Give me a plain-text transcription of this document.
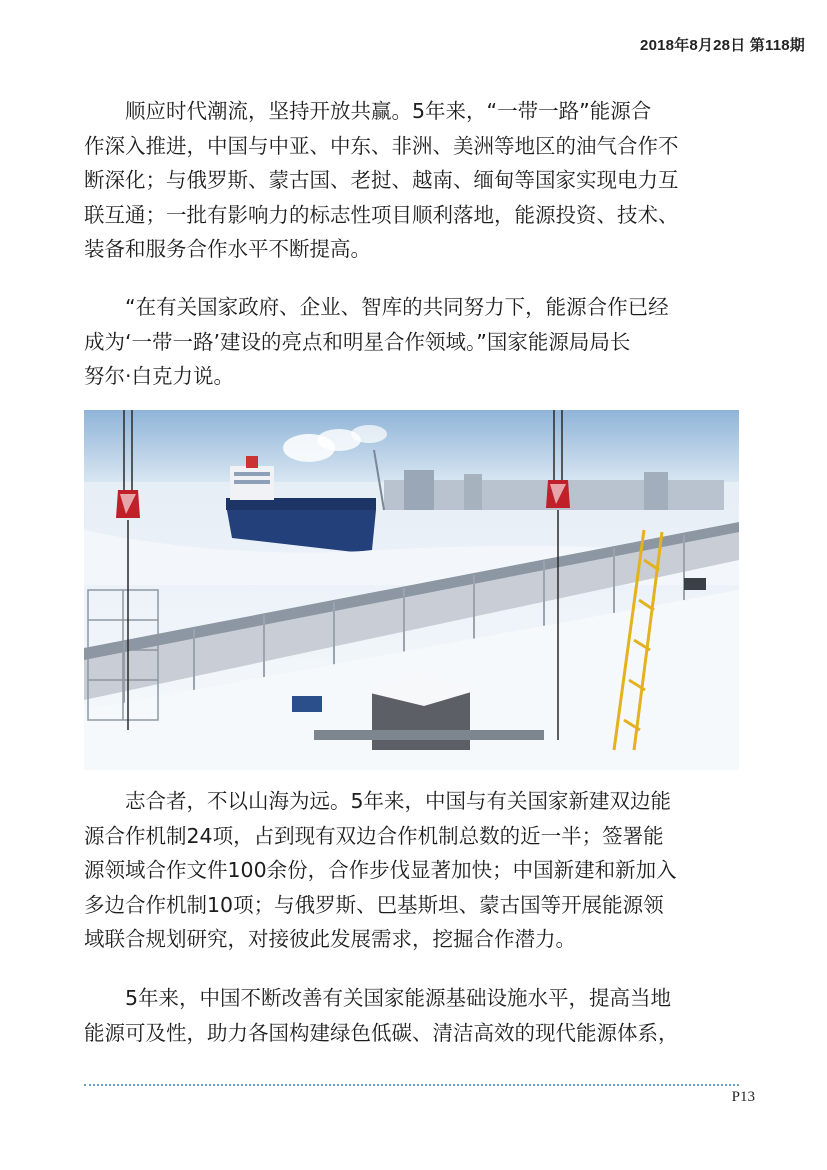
2018年8月28日 第118期

顺应时代潮流，坚持开放共赢。5年来，“一带一路”能源合
作深入推进，中国与中亚、中东、非洲、美洲等地区的油气合作不
断深化；与俄罗斯、蒙古国、老挝、越南、缅甸等国家实现电力互
联互通；一批有影响力的标志性项目顺利落地，能源投资、技术、
装备和服务合作水平不断提高。

“在有关国家政府、企业、智库的共同努力下，能源合作已经
成为‘一带一路’建设的亮点和明星合作领域。”国家能源局局长
努尔·白克力说。

志合者，不以山海为远。5年来，中国与有关国家新建双边能
源合作机制24项，占到现有双边合作机制总数的近一半；签署能
源领域合作文件100余份，合作步伐显著加快；中国新建和新加入
多边合作机制10项；与俄罗斯、巴基斯坦、蒙古国等开展能源领
域联合规划研究，对接彼此发展需求，挖掘合作潜力。

5年来，中国不断改善有关国家能源基础设施水平，提高当地
能源可及性，助力各国构建绿色低碳、清洁高效的现代能源体系，

P13
